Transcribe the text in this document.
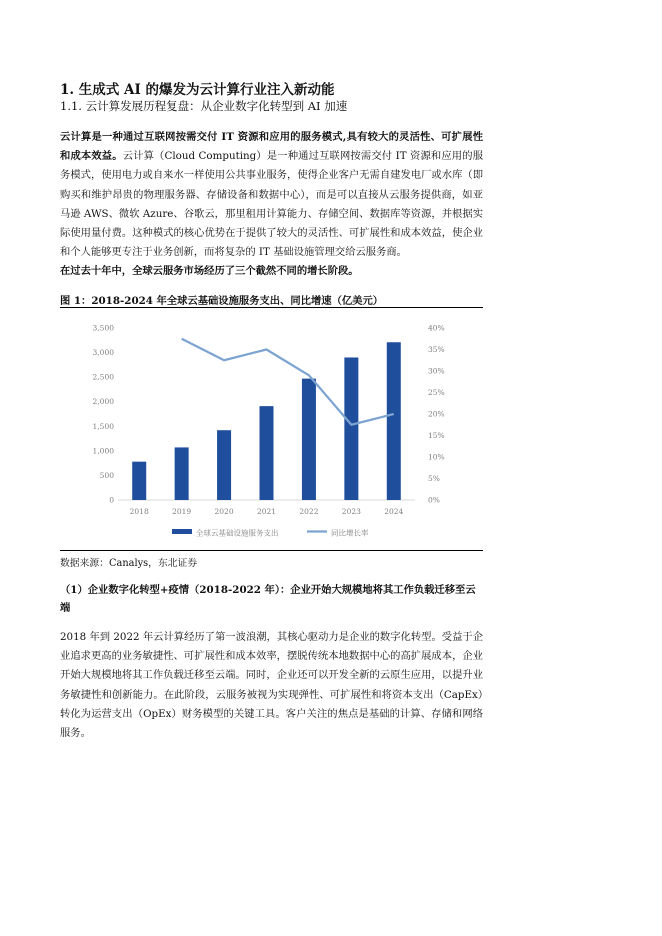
1. 生成式 AI 的爆发为云计算行业注入新动能
1.1. 云计算发展历程复盘：从企业数字化转型到 AI 加速
云计算是一种通过互联网按需交付 IT 资源和应用的服务模式,具有较大的灵活性、可扩展性和成本效益。云计算（Cloud Computing）是一种通过互联网按需交付 IT 资源和应用的服务模式，使用电力或自来水一样使用公共事业服务，使得企业客户无需自建发电厂或水库（即购买和维护昂贵的物理服务器、存储设备和数据中心），而是可以直接从云服务提供商，如亚马逊 AWS、微软 Azure、谷歌云，那里租用计算能力、存储空间、数据库等资源，并根据实际使用量付费。这种模式的核心优势在于提供了较大的灵活性、可扩展性和成本效益，使企业和个人能够更专注于业务创新，而将复杂的 IT 基础设施管理交给云服务商。
在过去十年中，全球云服务市场经历了三个截然不同的增长阶段。
图 1：2018-2024 年全球云基础设施服务支出、同比增速（亿美元）
0
500
1,000
1,500
2,000
2,500
3,000
3,500
0%
5%
10%
15%
20%
25%
30%
35%
40%
2018	2019	2020	2021	2022	2023	2024
全球云基础设施服务支出	同比增长率
数据来源：Canalys，东北证券
（1）企业数字化转型+疫情（2018-2022 年）：企业开始大规模地将其工作负载迁移至云端
2018 年到 2022 年云计算经历了第一波浪潮，其核心驱动力是企业的数字化转型。受益于企业追求更高的业务敏捷性、可扩展性和成本效率，摆脱传统本地数据中心的高扩展成本，企业开始大规模地将其工作负载迁移至云端。同时，企业还可以开发全新的云原生应用，以提升业务敏捷性和创新能力。在此阶段，云服务被视为实现弹性、可扩展性和将资本支出（CapEx）转化为运营支出（OpEx）财务模型的关键工具。客户关注的焦点是基础的计算、存储和网络服务。
